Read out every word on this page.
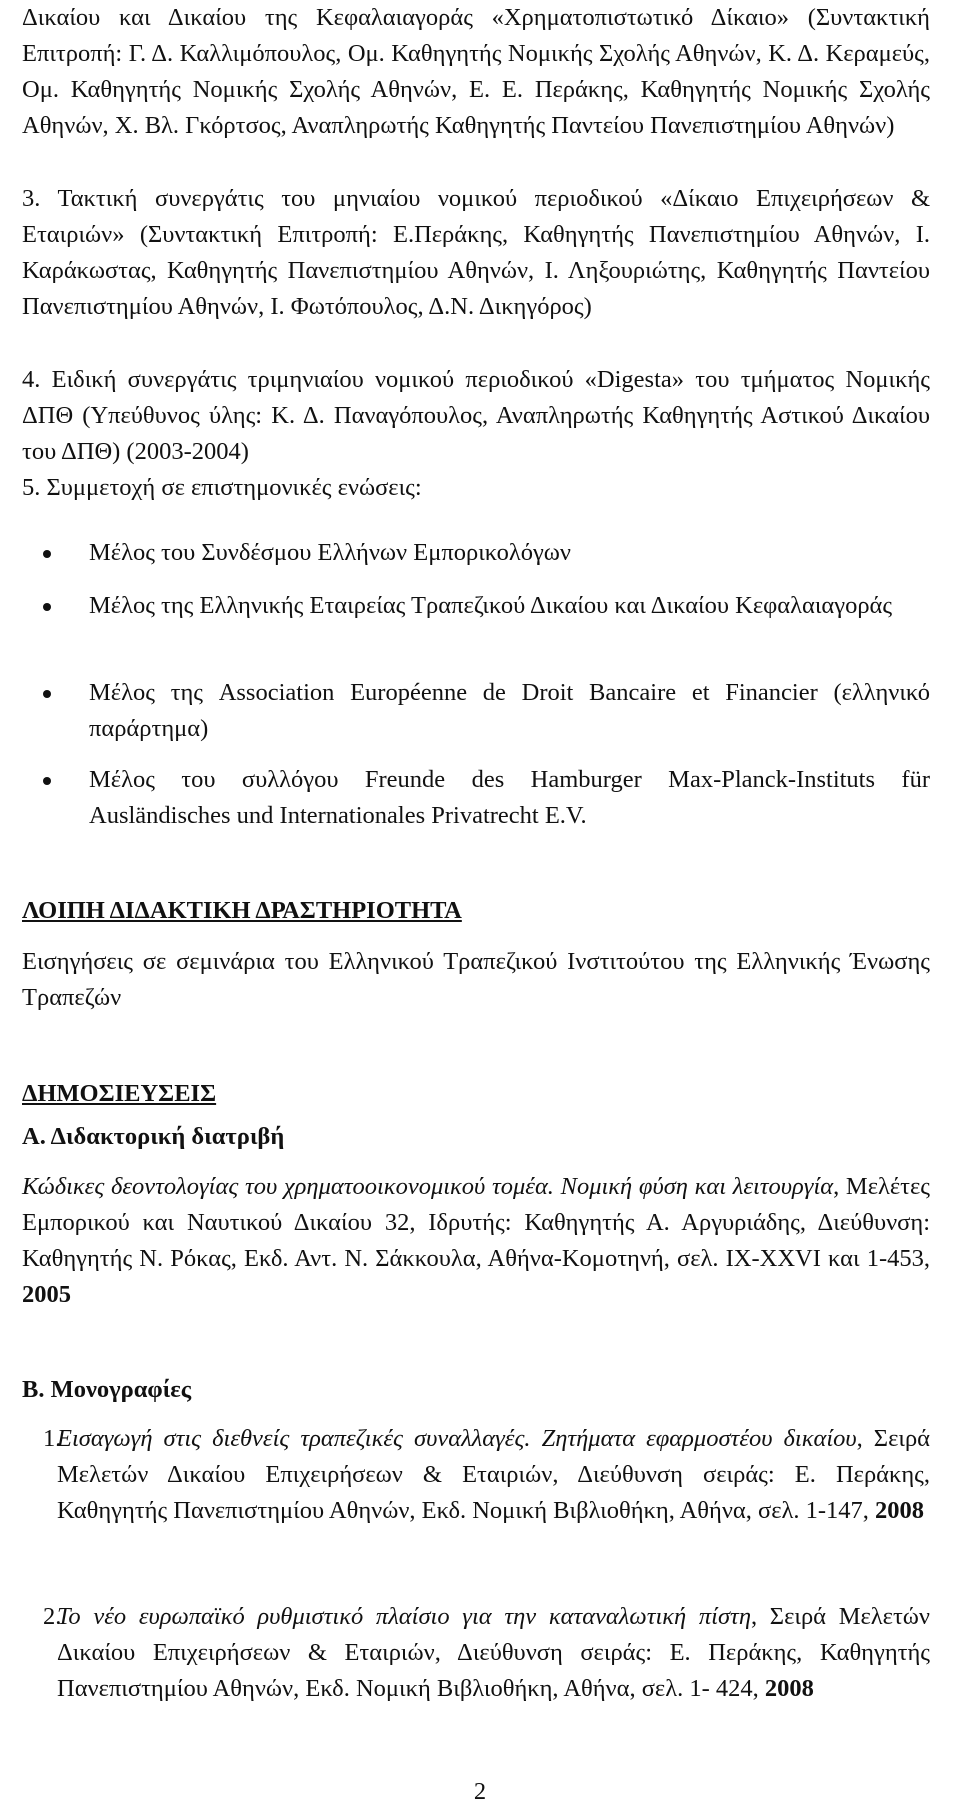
Δικαίου και Δικαίου της Κεφαλαιαγοράς «Χρηματοπιστωτικό Δίκαιο» (Συντακτική Επιτροπή: Γ. Δ. Καλλιμόπουλος, Ομ. Καθηγητής Νομικής Σχολής Αθηνών, Κ. Δ. Κεραμεύς, Ομ. Καθηγητής Νομικής Σχολής Αθηνών, Ε. Ε. Περάκης, Καθηγητής Νομικής Σχολής Αθηνών, Χ. Βλ. Γκόρτσος, Αναπληρωτής Καθηγητής Παντείου Πανεπιστημίου Αθηνών)
3. Τακτική συνεργάτις του μηνιαίου νομικού περιοδικού «Δίκαιο Επιχειρήσεων & Εταιριών» (Συντακτική Επιτροπή: Ε.Περάκης, Καθηγητής Πανεπιστημίου Αθηνών, Ι. Καράκωστας, Καθηγητής Πανεπιστημίου Αθηνών, Ι. Ληξουριώτης, Καθηγητής Παντείου Πανεπιστημίου Αθηνών, Ι. Φωτόπουλος, Δ.Ν. Δικηγόρος)
4. Ειδική συνεργάτις τριμηνιαίου νομικού περιοδικού «Digesta» του τμήματος Νομικής ΔΠΘ (Υπεύθυνος ύλης: Κ. Δ. Παναγόπουλος, Αναπληρωτής Καθηγητής Αστικού Δικαίου του ΔΠΘ) (2003-2004)
5. Συμμετοχή σε επιστημονικές ενώσεις:
Μέλος του Συνδέσμου Ελλήνων Εμπορικολόγων
Μέλος της Ελληνικής Εταιρείας Τραπεζικού Δικαίου και Δικαίου Κεφαλαιαγοράς
Μέλος της Association Européenne de Droit Bancaire et Financier (ελληνικό παράρτημα)
Μέλος του συλλόγου Freunde des Hamburger Max-Planck-Instituts für Ausländisches und Internationales Privatrecht E.V.
ΛΟΙΠΗ ΔΙΔΑΚΤΙΚΗ ΔΡΑΣΤΗΡΙΟΤΗΤΑ
Εισηγήσεις σε σεμινάρια του Ελληνικού Τραπεζικού Ινστιτούτου της Ελληνικής Ένωσης Τραπεζών
ΔΗΜΟΣΙΕΥΣΕΙΣ
Α. Διδακτορική διατριβή
Κώδικες δεοντολογίας του χρηματοοικονομικού τομέα. Νομική φύση και λειτουργία, Μελέτες Εμπορικού και Ναυτικού Δικαίου 32, Ιδρυτής: Καθηγητής Α. Αργυριάδης, Διεύθυνση: Καθηγητής Ν. Ρόκας, Εκδ. Αντ. Ν. Σάκκουλα, Αθήνα-Κομοτηνή, σελ. IX-XXVI και 1-453, 2005
Β. Μονογραφίες
1.
Εισαγωγή στις διεθνείς τραπεζικές συναλλαγές. Ζητήματα εφαρμοστέου δικαίου, Σειρά Μελετών Δικαίου Επιχειρήσεων & Εταιριών, Διεύθυνση σειράς: Ε. Περάκης, Καθηγητής Πανεπιστημίου Αθηνών, Εκδ. Νομική Βιβλιοθήκη, Αθήνα, σελ. 1-147, 2008
2.
Το νέο ευρωπαϊκό ρυθμιστικό πλαίσιο για την καταναλωτική πίστη, Σειρά Μελετών Δικαίου Επιχειρήσεων & Εταιριών, Διεύθυνση σειράς: Ε. Περάκης, Καθηγητής Πανεπιστημίου Αθηνών, Εκδ. Νομική Βιβλιοθήκη, Αθήνα, σελ. 1- 424, 2008
2
